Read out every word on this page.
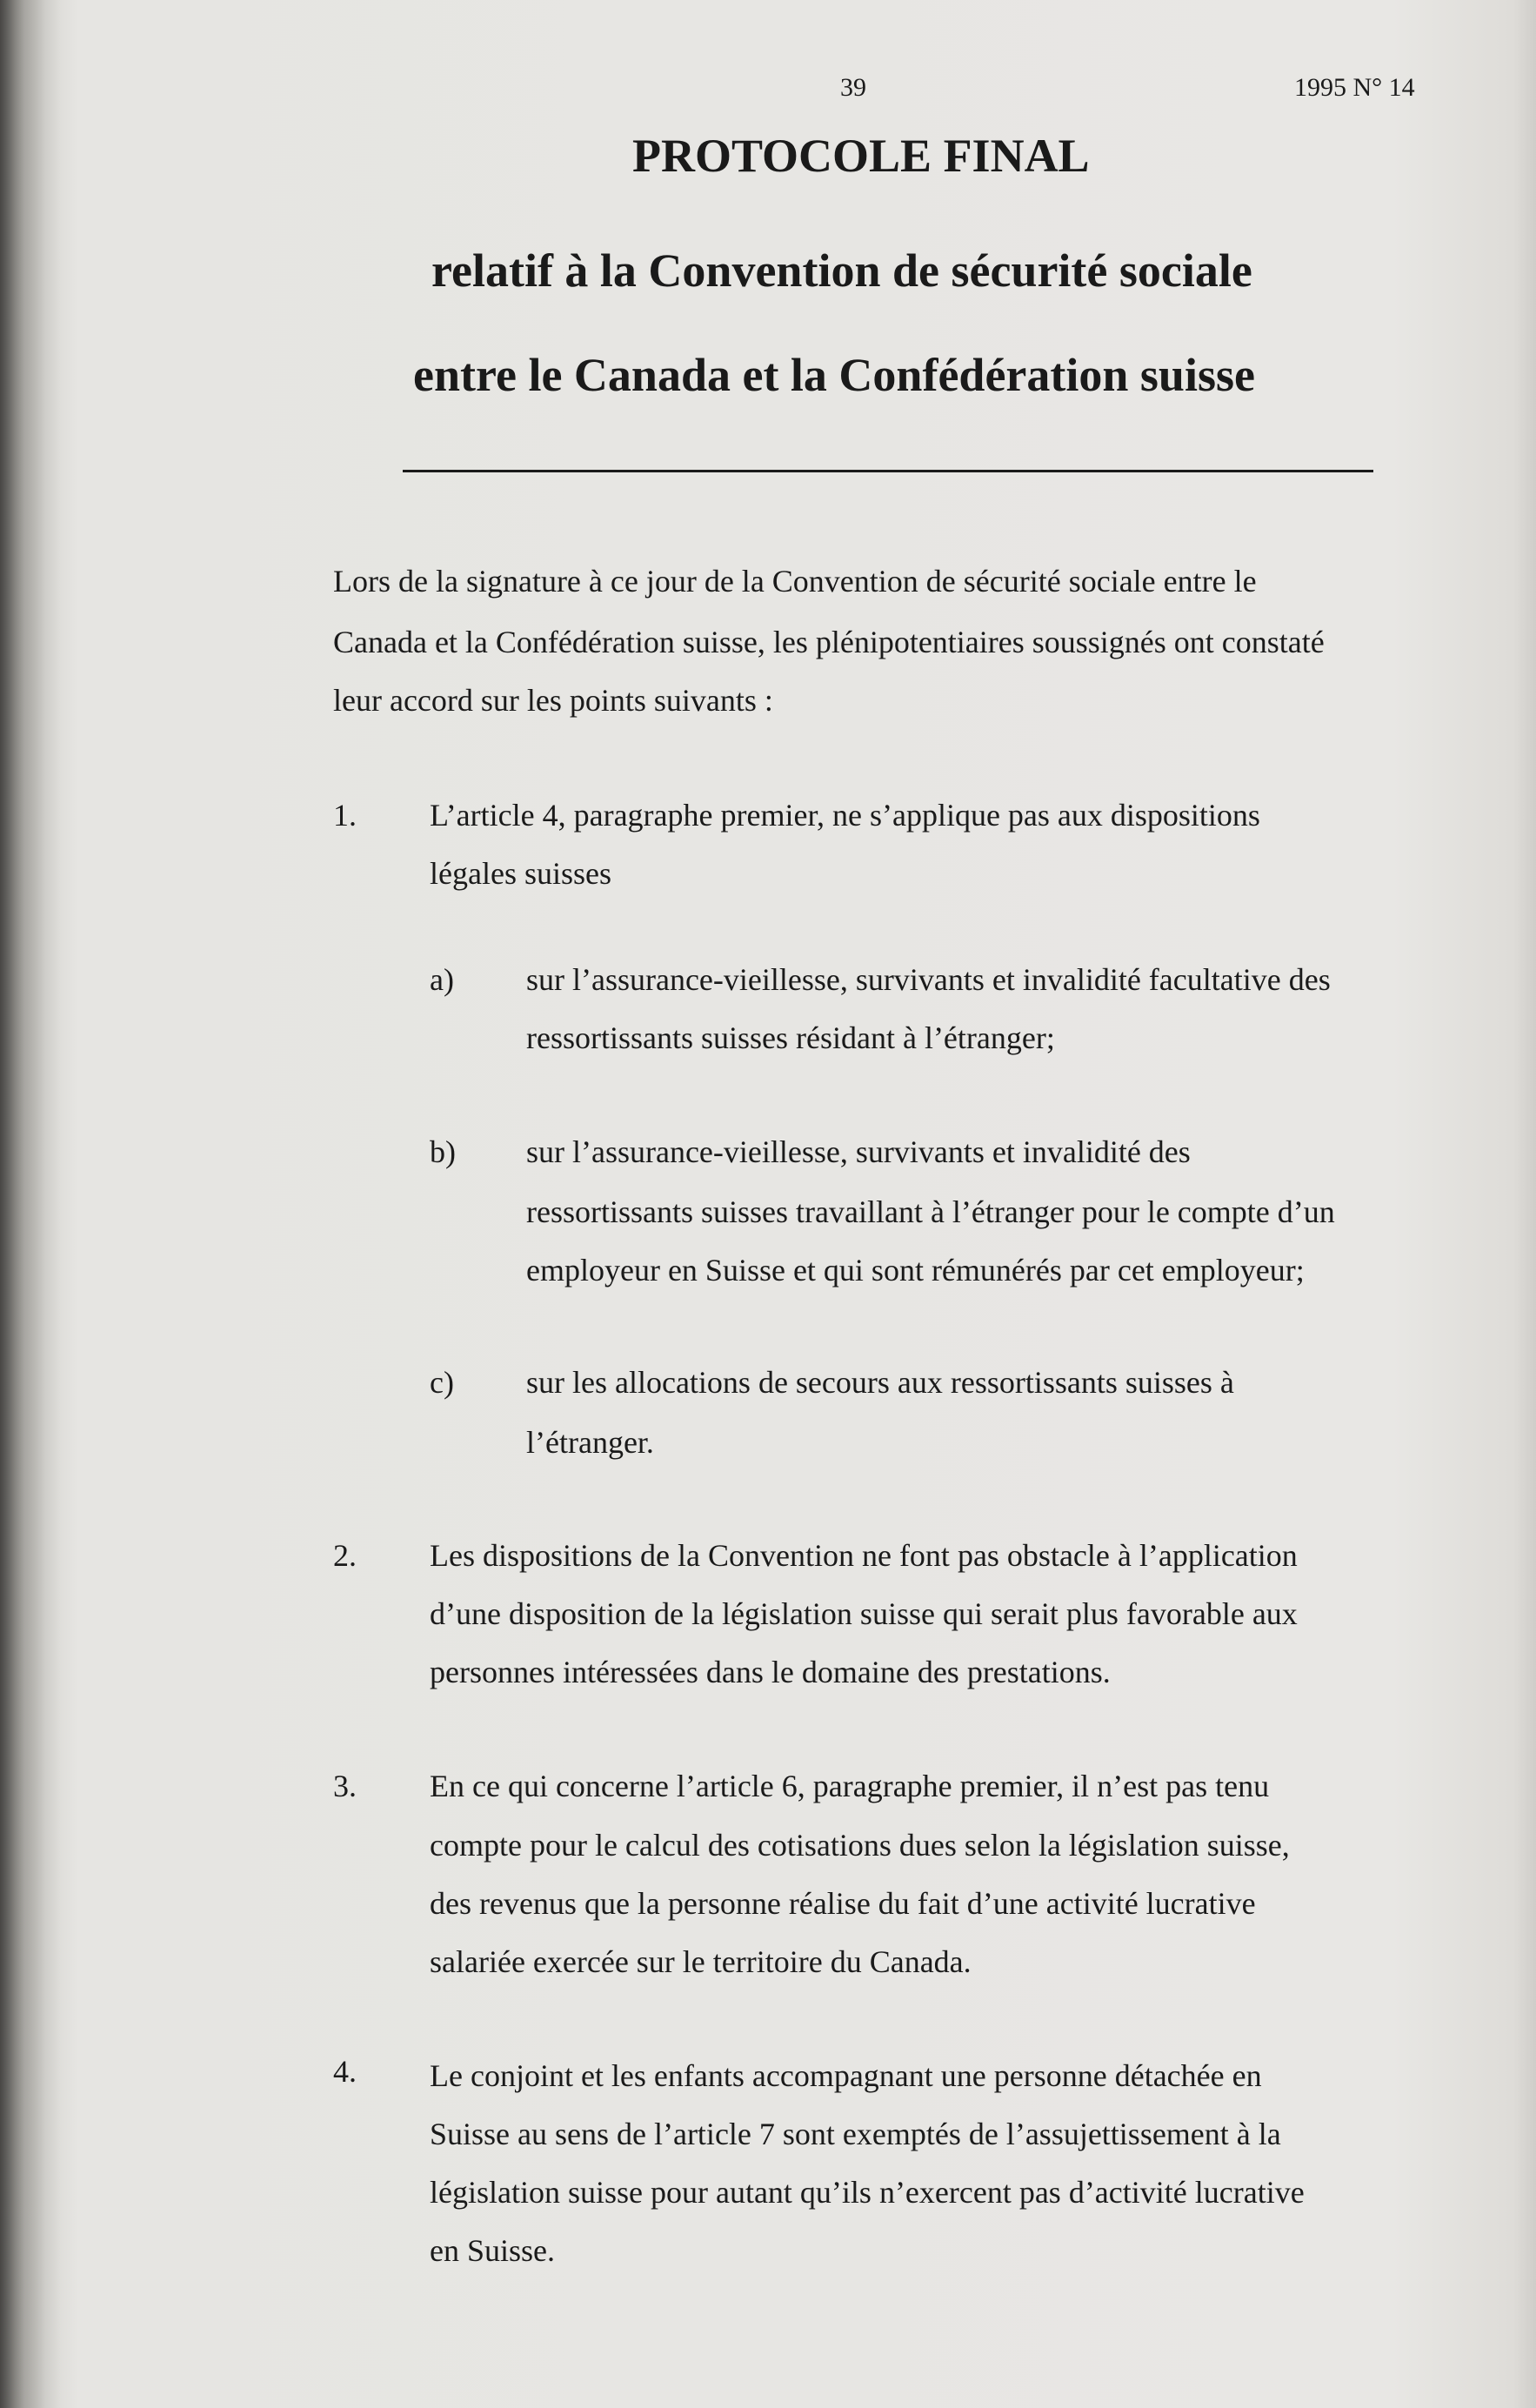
39	1995 N° 14
PROTOCOLE FINAL
relatif à la Convention de sécurité sociale
entre le Canada et la Confédération suisse
Lors de la signature à ce jour de la Convention de sécurité sociale entre le
Canada et la Confédération suisse, les plénipotentiaires soussignés ont constaté
leur accord sur les points suivants :
1. L’article 4, paragraphe premier, ne s’applique pas aux dispositions
légales suisses
a) sur l’assurance-vieillesse, survivants et invalidité facultative des
ressortissants suisses résidant à l’étranger;
b) sur l’assurance-vieillesse, survivants et invalidité des
ressortissants suisses travaillant à l’étranger pour le compte d’un
employeur en Suisse et qui sont rémunérés par cet employeur;
c) sur les allocations de secours aux ressortissants suisses à
l’étranger.
2. Les dispositions de la Convention ne font pas obstacle à l’application
d’une disposition de la législation suisse qui serait plus favorable aux
personnes intéressées dans le domaine des prestations.
3. En ce qui concerne l’article 6, paragraphe premier, il n’est pas tenu
compte pour le calcul des cotisations dues selon la législation suisse,
des revenus que la personne réalise du fait d’une activité lucrative
salariée exercée sur le territoire du Canada.
4. Le conjoint et les enfants accompagnant une personne détachée en
Suisse au sens de l’article 7 sont exemptés de l’assujettissement à la
législation suisse pour autant qu’ils n’exercent pas d’activité lucrative
en Suisse.
